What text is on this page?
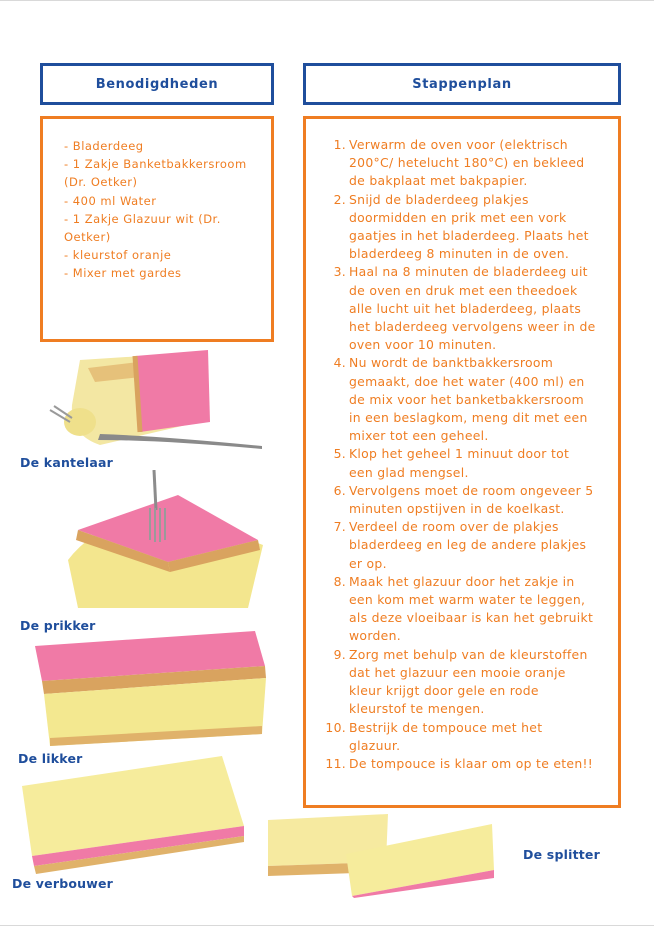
Benodigdheden	Stappenplan
- Bladerdeeg
- 1 Zakje Banketbakkersroom
(Dr. Oetker)
- 400 ml Water
- 1 Zakje Glazuur wit (Dr.
Oetker)
- kleurstof oranje
- Mixer met gardes
1. Verwarm de oven voor (elektrisch
200°C/ hetelucht 180°C) en bekleed
de bakplaat met bakpapier.
2. Snijd de bladerdeeg plakjes
doormidden en prik met een vork
gaatjes in het bladerdeeg. Plaats het
bladerdeeg 8 minuten in de oven.
3. Haal na 8 minuten de bladerdeeg uit
de oven en druk met een theedoek
alle lucht uit het bladerdeeg, plaats
het bladerdeeg vervolgens weer in de
oven voor 10 minuten.
4. Nu wordt de banktbakkersroom
gemaakt, doe het water (400 ml) en
de mix voor het banketbakkersroom
in een beslagkom, meng dit met een
mixer tot een geheel.
5. Klop het geheel 1 minuut door tot
een glad mengsel.
6. Vervolgens moet de room ongeveer 5
minuten opstijven in de koelkast.
7. Verdeel de room over de plakjes
bladerdeeg en leg de andere plakjes
er op.
8. Maak het glazuur door het zakje in
een kom met warm water te leggen,
als deze vloeibaar is kan het gebruikt
worden.
9. Zorg met behulp van de kleurstoffen
dat het glazuur een mooie oranje
kleur krijgt door gele en rode
kleurstof te mengen.
10. Bestrijk de tompouce met het
glazuur.
11. De tompouce is klaar om op te eten!!
De kantelaar
De prikker
De likker
De verbouwer
De splitter
